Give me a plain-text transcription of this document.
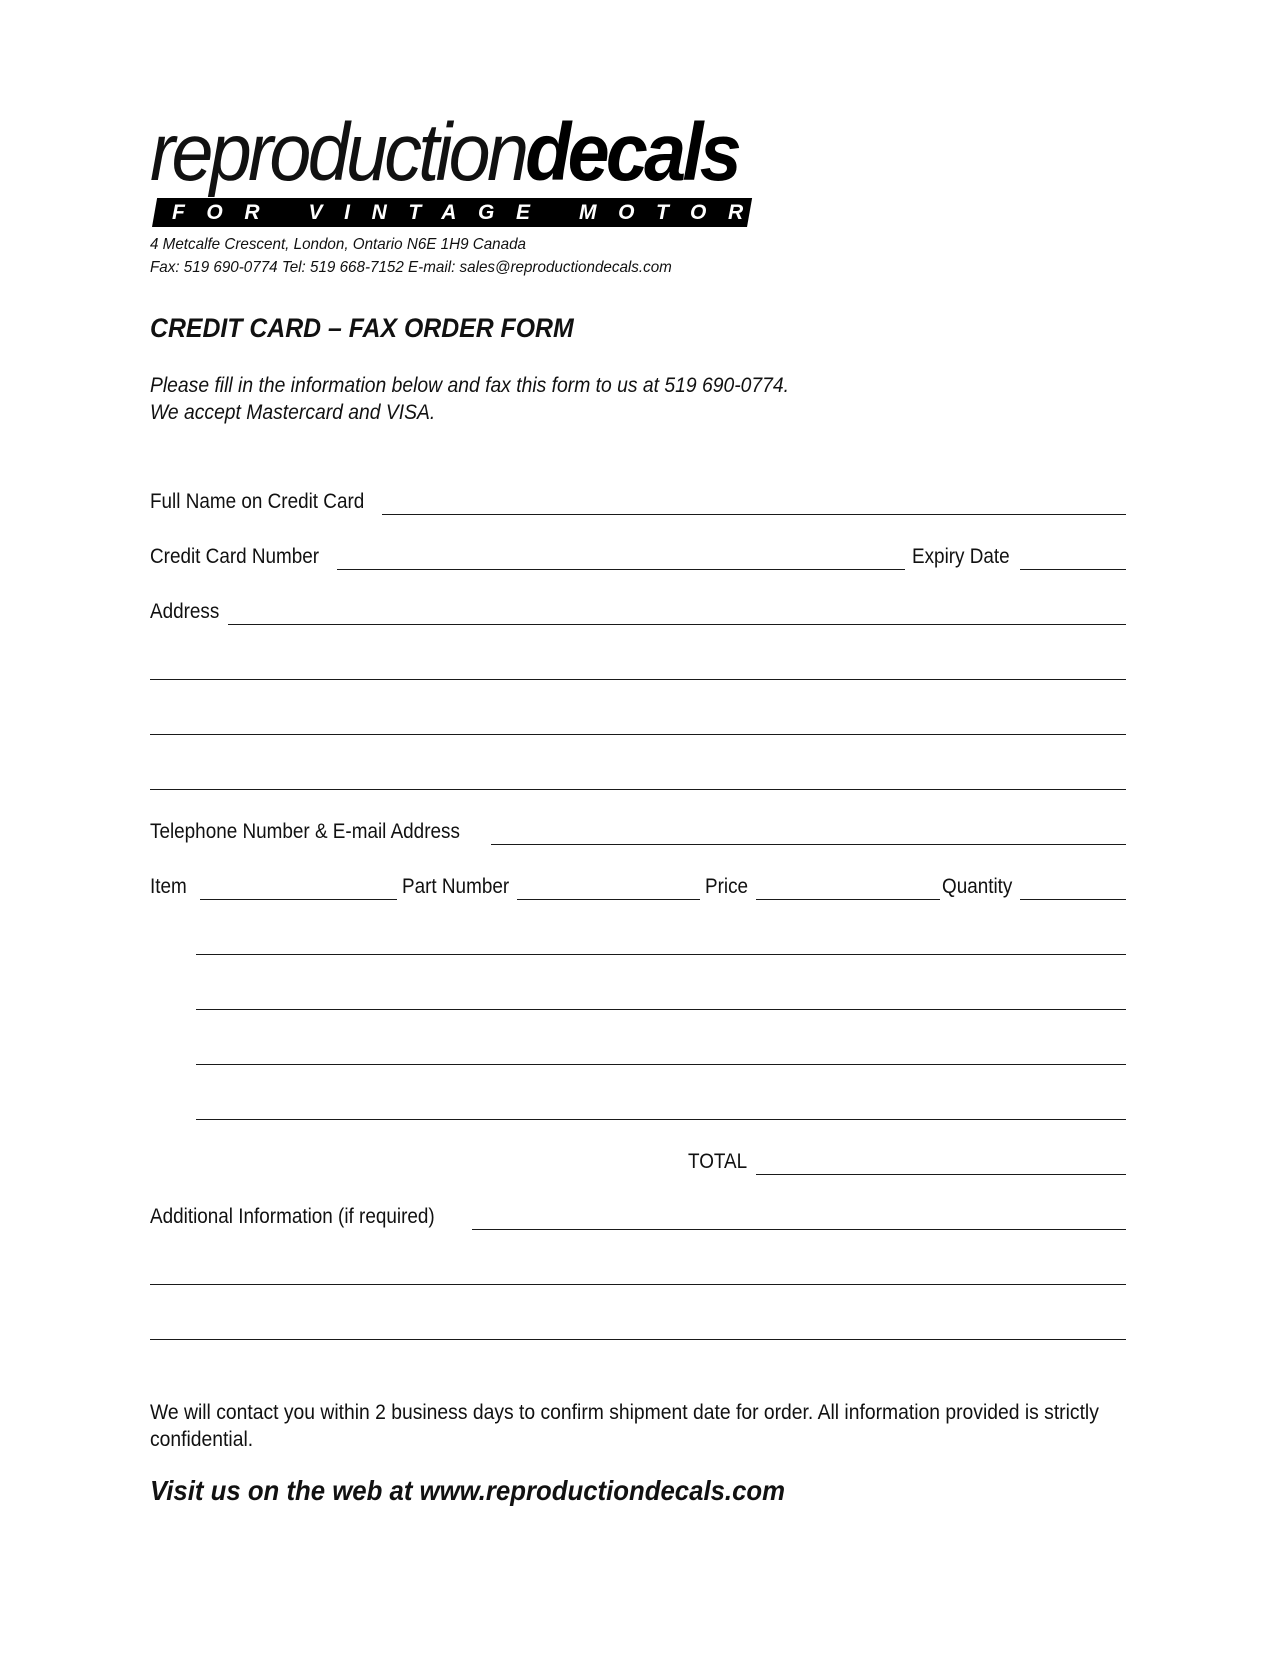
reproductiondecals
FOR VINTAGE MOTORCYCLES
4 Metcalfe Crescent, London, Ontario N6E 1H9 Canada
Fax: 519 690-0774 Tel: 519 668-7152 E-mail: sales@reproductiondecals.com
CREDIT CARD – FAX ORDER FORM
Please fill in the information below and fax this form to us at 519 690-0774.
We accept Mastercard and VISA.
Full Name on Credit Card
Credit Card Number	Expiry Date
Address
Telephone Number & E-mail Address
Item	Part Number	Price	Quantity
TOTAL
Additional Information (if required)
We will contact you within 2 business days to confirm shipment date for order. All information provided is strictly confidential.
Visit us on the web at www.reproductiondecals.com
